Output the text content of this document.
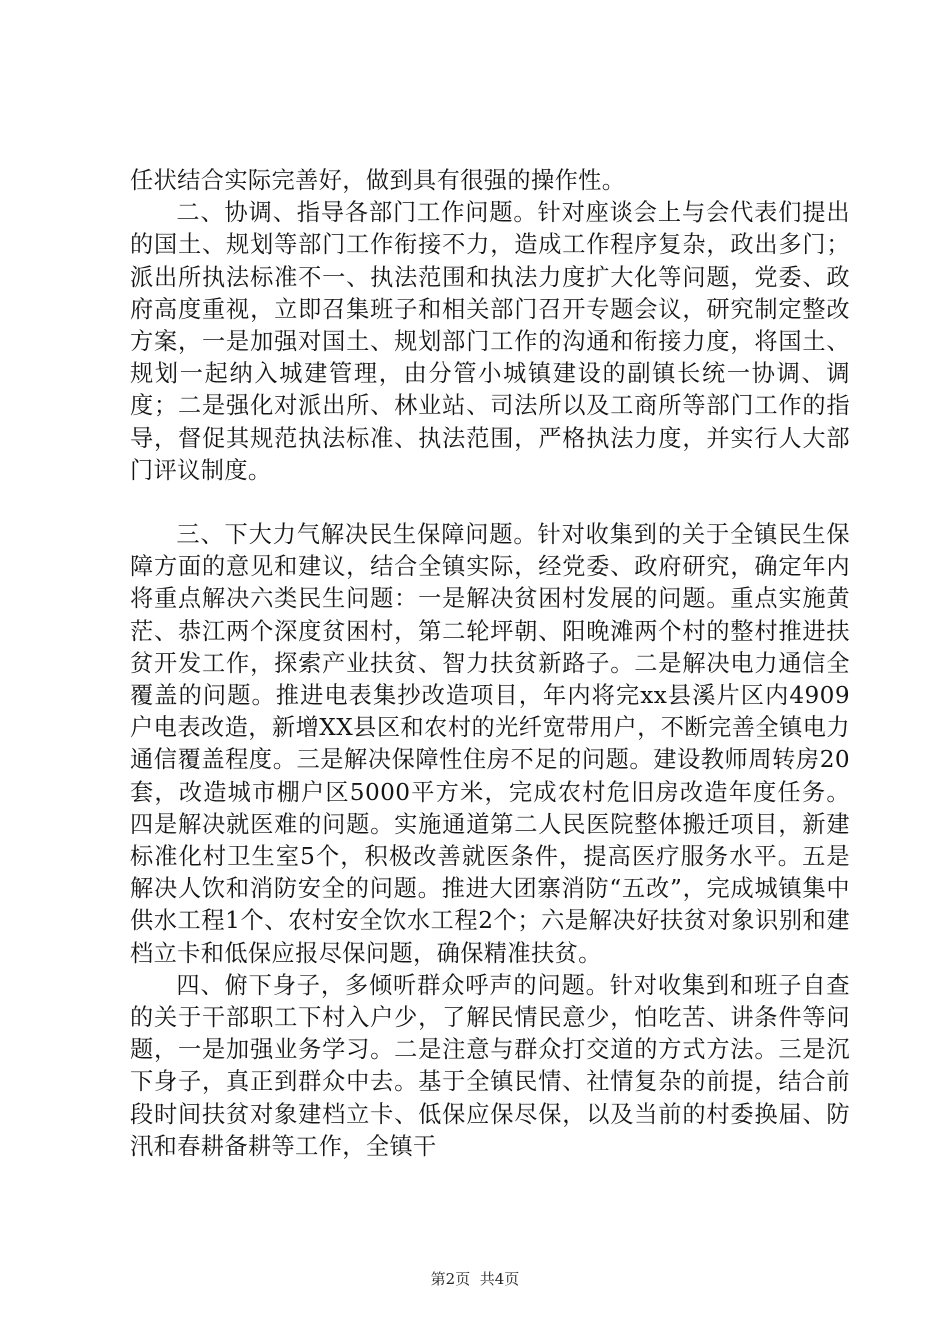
任状结合实际完善好，做到具有很强的操作性。

二、协调、指导各部门工作问题。针对座谈会上与会代表们提出的国土、规划等部门工作衔接不力，造成工作程序复杂，政出多门；派出所执法标准不一、执法范围和执法力度扩大化等问题，党委、政府高度重视，立即召集班子和相关部门召开专题会议，研究制定整改方案，一是加强对国土、规划部门工作的沟通和衔接力度，将国土、规划一起纳入城建管理，由分管小城镇建设的副镇长统一协调、调度；二是强化对派出所、林业站、司法所以及工商所等部门工作的指导，督促其规范执法标准、执法范围，严格执法力度，并实行人大部门评议制度。

三、下大力气解决民生保障问题。针对收集到的关于全镇民生保障方面的意见和建议，结合全镇实际，经党委、政府研究，确定年内将重点解决六类民生问题：一是解决贫困村发展的问题。重点实施黄茫、恭江两个深度贫困村，第二轮坪朝、阳晚滩两个村的整村推进扶贫开发工作，探索产业扶贫、智力扶贫新路子。二是解决电力通信全覆盖的问题。推进电表集抄改造项目，年内将完xx县溪片区内4909户电表改造，新增XX县区和农村的光纤宽带用户，不断完善全镇电力通信覆盖程度。三是解决保障性住房不足的问题。建设教师周转房20套，改造城市棚户区5000平方米，完成农村危旧房改造年度任务。四是解决就医难的问题。实施通道第二人民医院整体搬迁项目，新建标准化村卫生室5个，积极改善就医条件，提高医疗服务水平。五是解决人饮和消防安全的问题。推进大团寨消防“五改”，完成城镇集中供水工程1个、农村安全饮水工程2个；六是解决好扶贫对象识别和建档立卡和低保应报尽保问题，确保精准扶贫。

四、俯下身子，多倾听群众呼声的问题。针对收集到和班子自查的关于干部职工下村入户少，了解民情民意少，怕吃苦、讲条件等问题，一是加强业务学习。二是注意与群众打交道的方式方法。三是沉下身子，真正到群众中去。基于全镇民情、社情复杂的前提，结合前段时间扶贫对象建档立卡、低保应保尽保，以及当前的村委换届、防汛和春耕备耕等工作，全镇干

第2页 共4页
